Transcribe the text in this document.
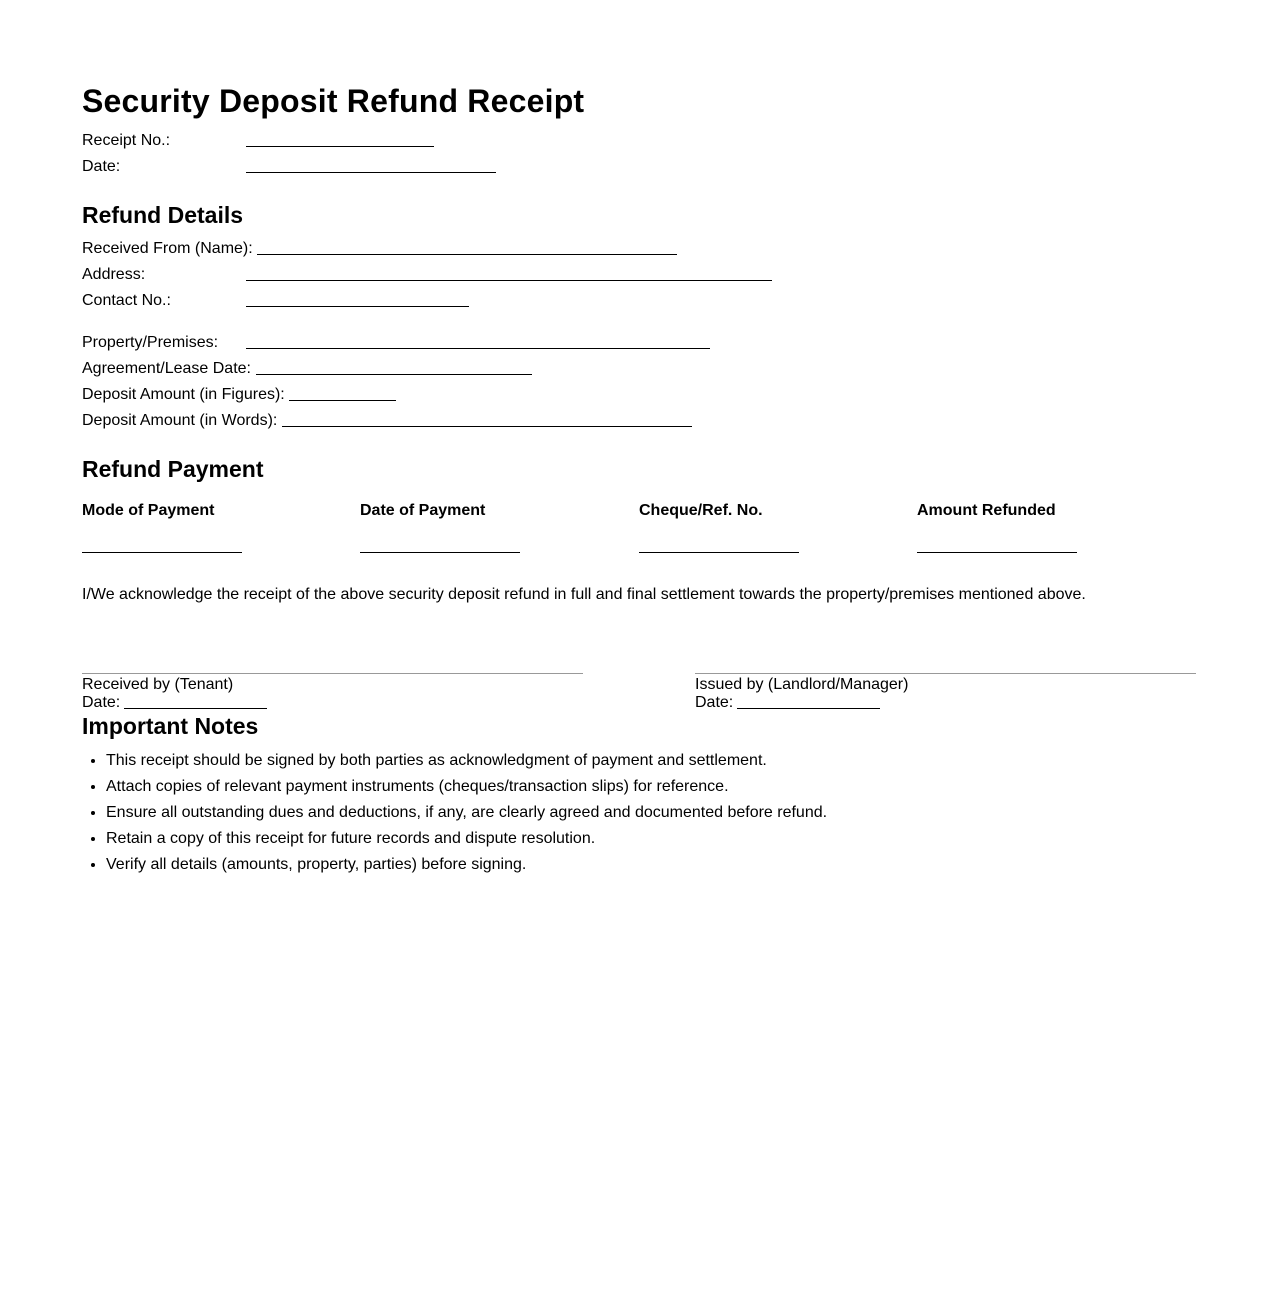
Security Deposit Refund Receipt
Receipt No.:
Date:
Refund Details
Received From (Name):
Address:
Contact No.:
Property/Premises:
Agreement/Lease Date:
Deposit Amount (in Figures):
Deposit Amount (in Words):
Refund Payment
Mode of Payment	Date of Payment	Cheque/Ref. No.	Amount Refunded
I/We acknowledge the receipt of the above security deposit refund in full and final settlement towards the property/premises mentioned above.
Received by (Tenant)
Date:
Issued by (Landlord/Manager)
Date:
Important Notes
• This receipt should be signed by both parties as acknowledgment of payment and settlement.
• Attach copies of relevant payment instruments (cheques/transaction slips) for reference.
• Ensure all outstanding dues and deductions, if any, are clearly agreed and documented before refund.
• Retain a copy of this receipt for future records and dispute resolution.
• Verify all details (amounts, property, parties) before signing.
